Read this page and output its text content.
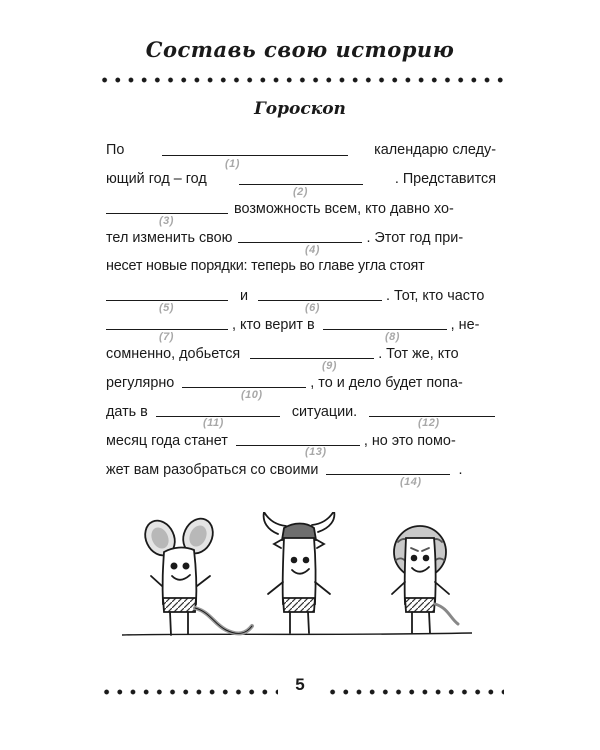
Составь свою историю
Гороскоп
По	календарю следу-
ющий год – год	. Представится
возможность всем, кто давно хо-
тел изменить свою	. Этот год при-
несет новые порядки: теперь во главе угла стоят
и	. Тот, кто часто
, кто верит в	, не-
сомненно, добьется	. Тот же, кто
регулярно	, то и дело будет попа-
дать в	ситуации.
месяц года станет	, но это помо-
жет вам разобраться со своими	.
(1)
(2)
(3)
(4)
(5)	(6)
(7)	(8)
(9)
(10)
(11)	(12)
(13)
(14)
5
